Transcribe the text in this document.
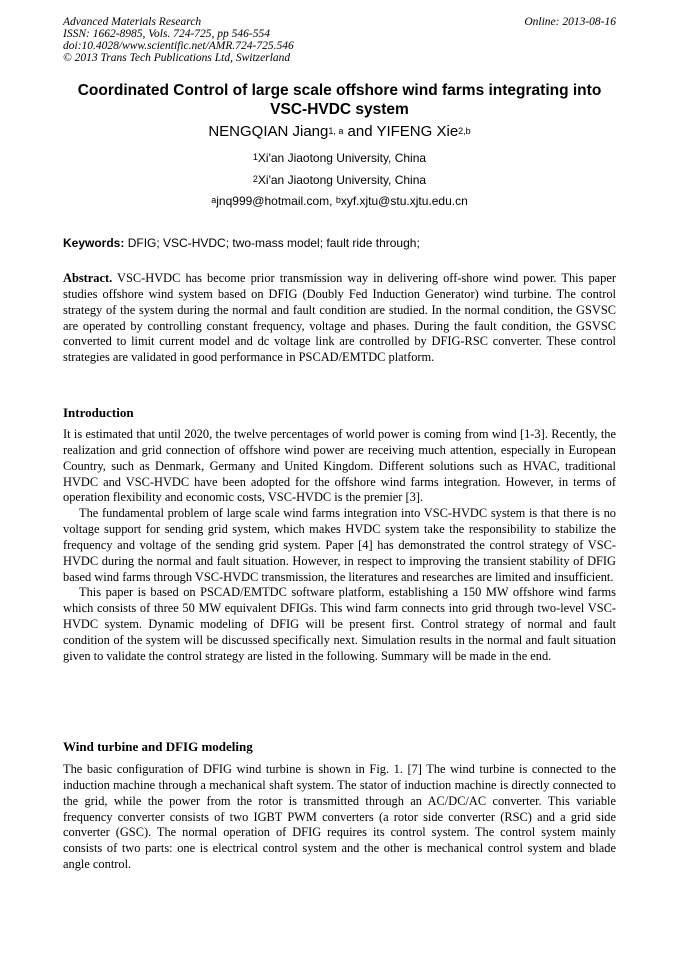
Advanced Materials Research
ISSN: 1662-8985, Vols. 724-725, pp 546-554
doi:10.4028/www.scientific.net/AMR.724-725.546
© 2013 Trans Tech Publications Ltd, Switzerland
Online: 2013-08-16
Coordinated Control of large scale offshore wind farms integrating into VSC-HVDC system
NENGQIAN Jiang$^{1, a}$ and YIFENG Xie$^{2,b}$
$^1$Xi'an Jiaotong University, China
$^2$Xi'an Jiaotong University, China
$^a$jnq999@hotmail.com, $^b$xyf.xjtu@stu.xjtu.edu.cn
Keywords: DFIG; VSC-HVDC; two-mass model; fault ride through;

Abstract. VSC-HVDC has become prior transmission way in delivering off-shore wind power. This paper studies offshore wind system based on DFIG (Doubly Fed Induction Generator) wind turbine. The control strategy of the system during the normal and fault condition are studied. In the normal condition, the GSVSC are operated by controlling constant frequency, voltage and phases. During the fault condition, the GSVSC converted to limit current model and dc voltage link are controlled by DFIG-RSC converter. These control strategies are validated in good performance in PSCAD/EMTDC platform.

Introduction

It is estimated that until 2020, the twelve percentages of world power is coming from wind [1-3]. Recently, the realization and grid connection of offshore wind power are receiving much attention, especially in European Country, such as Denmark, Germany and United Kingdom. Different solutions such as HVAC, traditional HVDC and VSC-HVDC have been adopted for the offshore wind farms integration. However, in terms of operation flexibility and economic costs, VSC-HVDC is the premier [3].

The fundamental problem of large scale wind farms integration into VSC-HVDC system is that there is no voltage support for sending grid system, which makes HVDC system take the responsibility to stabilize the frequency and voltage of the sending grid system. Paper [4] has demonstrated the control strategy of VSC-HVDC during the normal and fault situation. However, in respect to improving the transient stability of DFIG based wind farms through VSC-HVDC transmission, the literatures and researches are limited and insufficient.

This paper is based on PSCAD/EMTDC software platform, establishing a 150 MW offshore wind farms which consists of three 50 MW equivalent DFIGs. This wind farm connects into grid through two-level VSC-HVDC system. Dynamic modeling of DFIG will be present first. Control strategy of normal and fault condition of the system will be discussed specifically next. Simulation results in the normal and fault situation given to validate the control strategy are listed in the following. Summary will be made in the end.

Wind turbine and DFIG modeling

The basic configuration of DFIG wind turbine is shown in Fig. 1. [7] The wind turbine is connected to the induction machine through a mechanical shaft system. The stator of induction machine is directly connected to the grid, while the power from the rotor is transmitted through an AC/DC/AC converter. This variable frequency converter consists of two IGBT PWM converters (a rotor side converter (RSC) and a grid side converter (GSC). The normal operation of DFIG requires its control system. The control system mainly consists of two parts: one is electrical control system and the other is mechanical control system and blade angle control.
